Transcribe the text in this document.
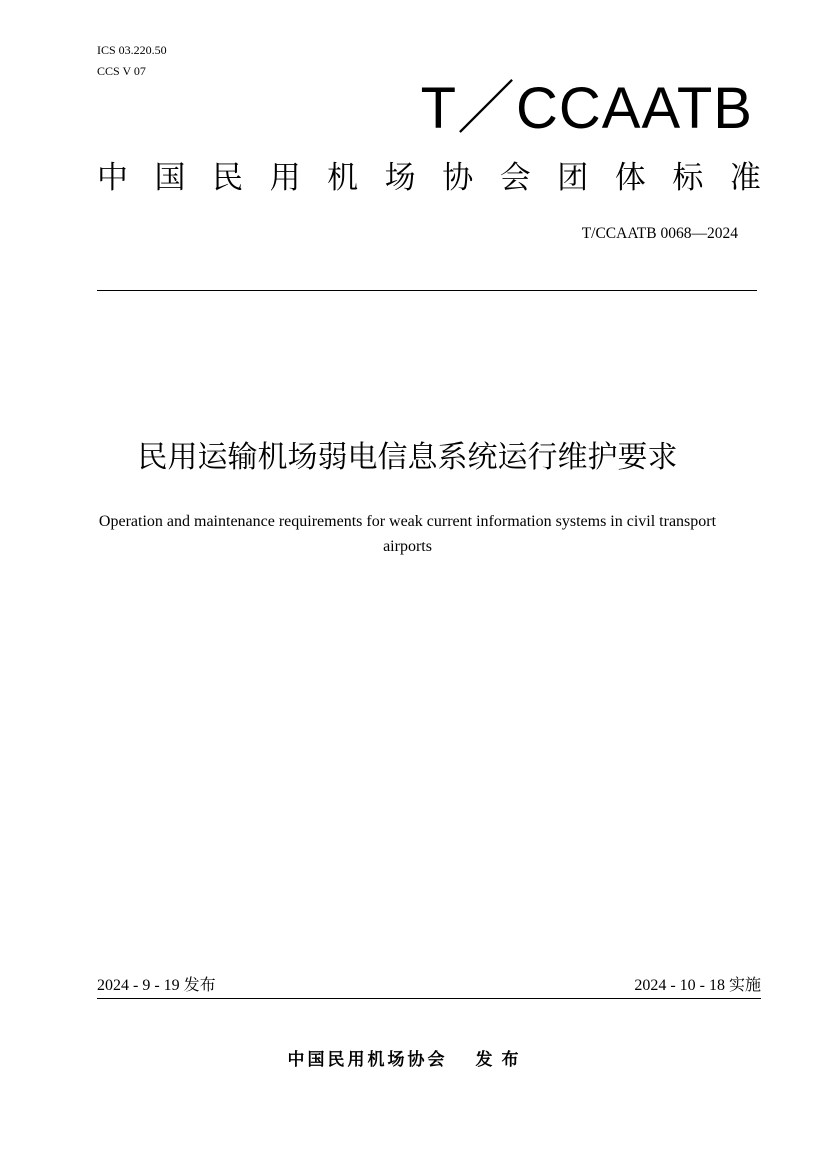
ICS 03.220.50
CCS V 07
T／CCAATB
中 国 民 用 机 场 协 会 团 体 标 准
T/CCAATB 0068—2024
民用运输机场弱电信息系统运行维护要求
Operation and maintenance requirements for weak current information systems in civil transport airports
2024 - 9 - 19 发布	2024 - 10 - 18 实施
中国民用机场协会 发布
